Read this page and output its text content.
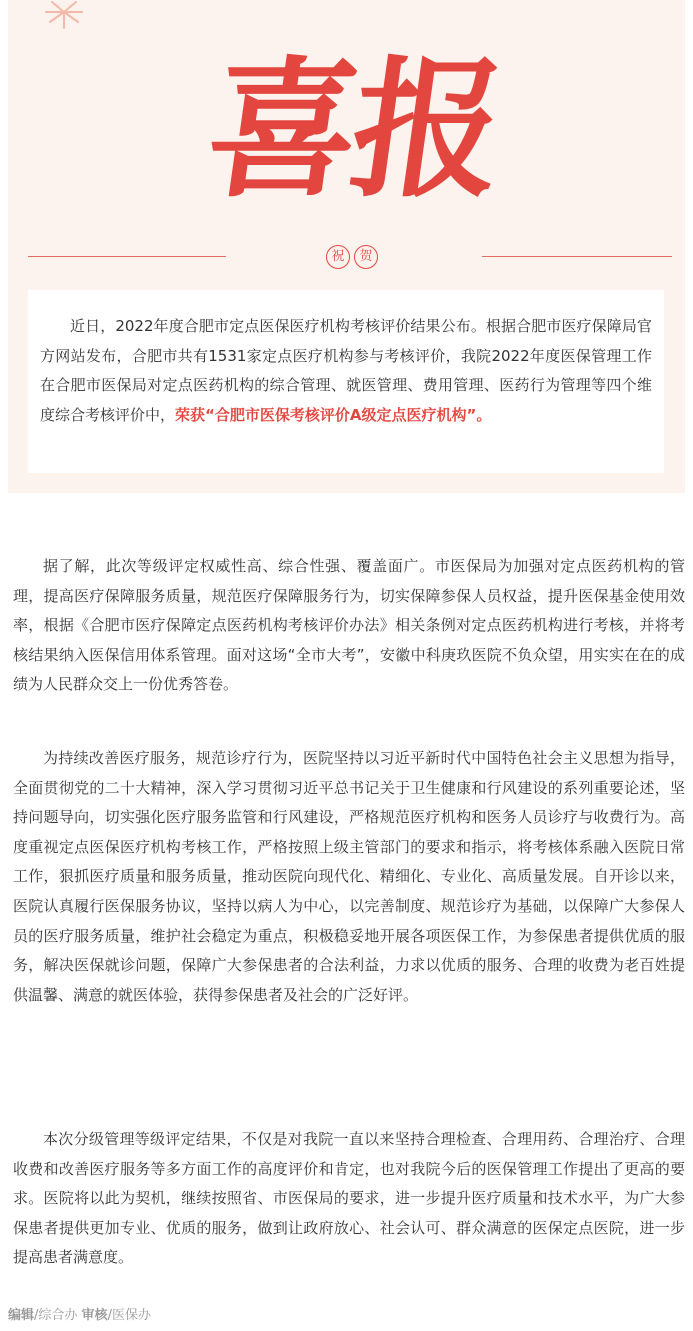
喜报
祝	贺

近日，2022年度合肥市定点医保医疗机构考核评价结果公布。根据合肥市医疗保障局官方网站发布，合肥市共有1531家定点医疗机构参与考核评价，我院2022年度医保管理工作在合肥市医保局对定点医药机构的综合管理、就医管理、费用管理、医药行为管理等四个维度综合考核评价中，荣获“合肥市医保考核评价A级定点医疗机构”。

据了解，此次等级评定权威性高、综合性强、覆盖面广。市医保局为加强对定点医药机构的管理，提高医疗保障服务质量，规范医疗保障服务行为，切实保障参保人员权益，提升医保基金使用效率，根据《合肥市医疗保障定点医药机构考核评价办法》相关条例对定点医药机构进行考核，并将考核结果纳入医保信用体系管理。面对这场“全市大考”，安徽中科庚玖医院不负众望，用实实在在的成绩为人民群众交上一份优秀答卷。

为持续改善医疗服务，规范诊疗行为，医院坚持以习近平新时代中国特色社会主义思想为指导，全面贯彻党的二十大精神，深入学习贯彻习近平总书记关于卫生健康和行风建设的系列重要论述，坚持问题导向，切实强化医疗服务监管和行风建设，严格规范医疗机构和医务人员诊疗与收费行为。高度重视定点医保医疗机构考核工作，严格按照上级主管部门的要求和指示，将考核体系融入医院日常工作，狠抓医疗质量和服务质量，推动医院向现代化、精细化、专业化、高质量发展。自开诊以来，医院认真履行医保服务协议，坚持以病人为中心，以完善制度、规范诊疗为基础，以保障广大参保人员的医疗服务质量，维护社会稳定为重点，积极稳妥地开展各项医保工作，为参保患者提供优质的服务，解决医保就诊问题，保障广大参保患者的合法利益，力求以优质的服务、合理的收费为老百姓提供温馨、满意的就医体验，获得参保患者及社会的广泛好评。

本次分级管理等级评定结果，不仅是对我院一直以来坚持合理检查、合理用药、合理治疗、合理收费和改善医疗服务等多方面工作的高度评价和肯定，也对我院今后的医保管理工作提出了更高的要求。医院将以此为契机，继续按照省、市医保局的要求，进一步提升医疗质量和技术水平，为广大参保患者提供更加专业、优质的服务，做到让政府放心、社会认可、群众满意的医保定点医院，进一步提高患者满意度。

编辑/综合办 审核/医保办
